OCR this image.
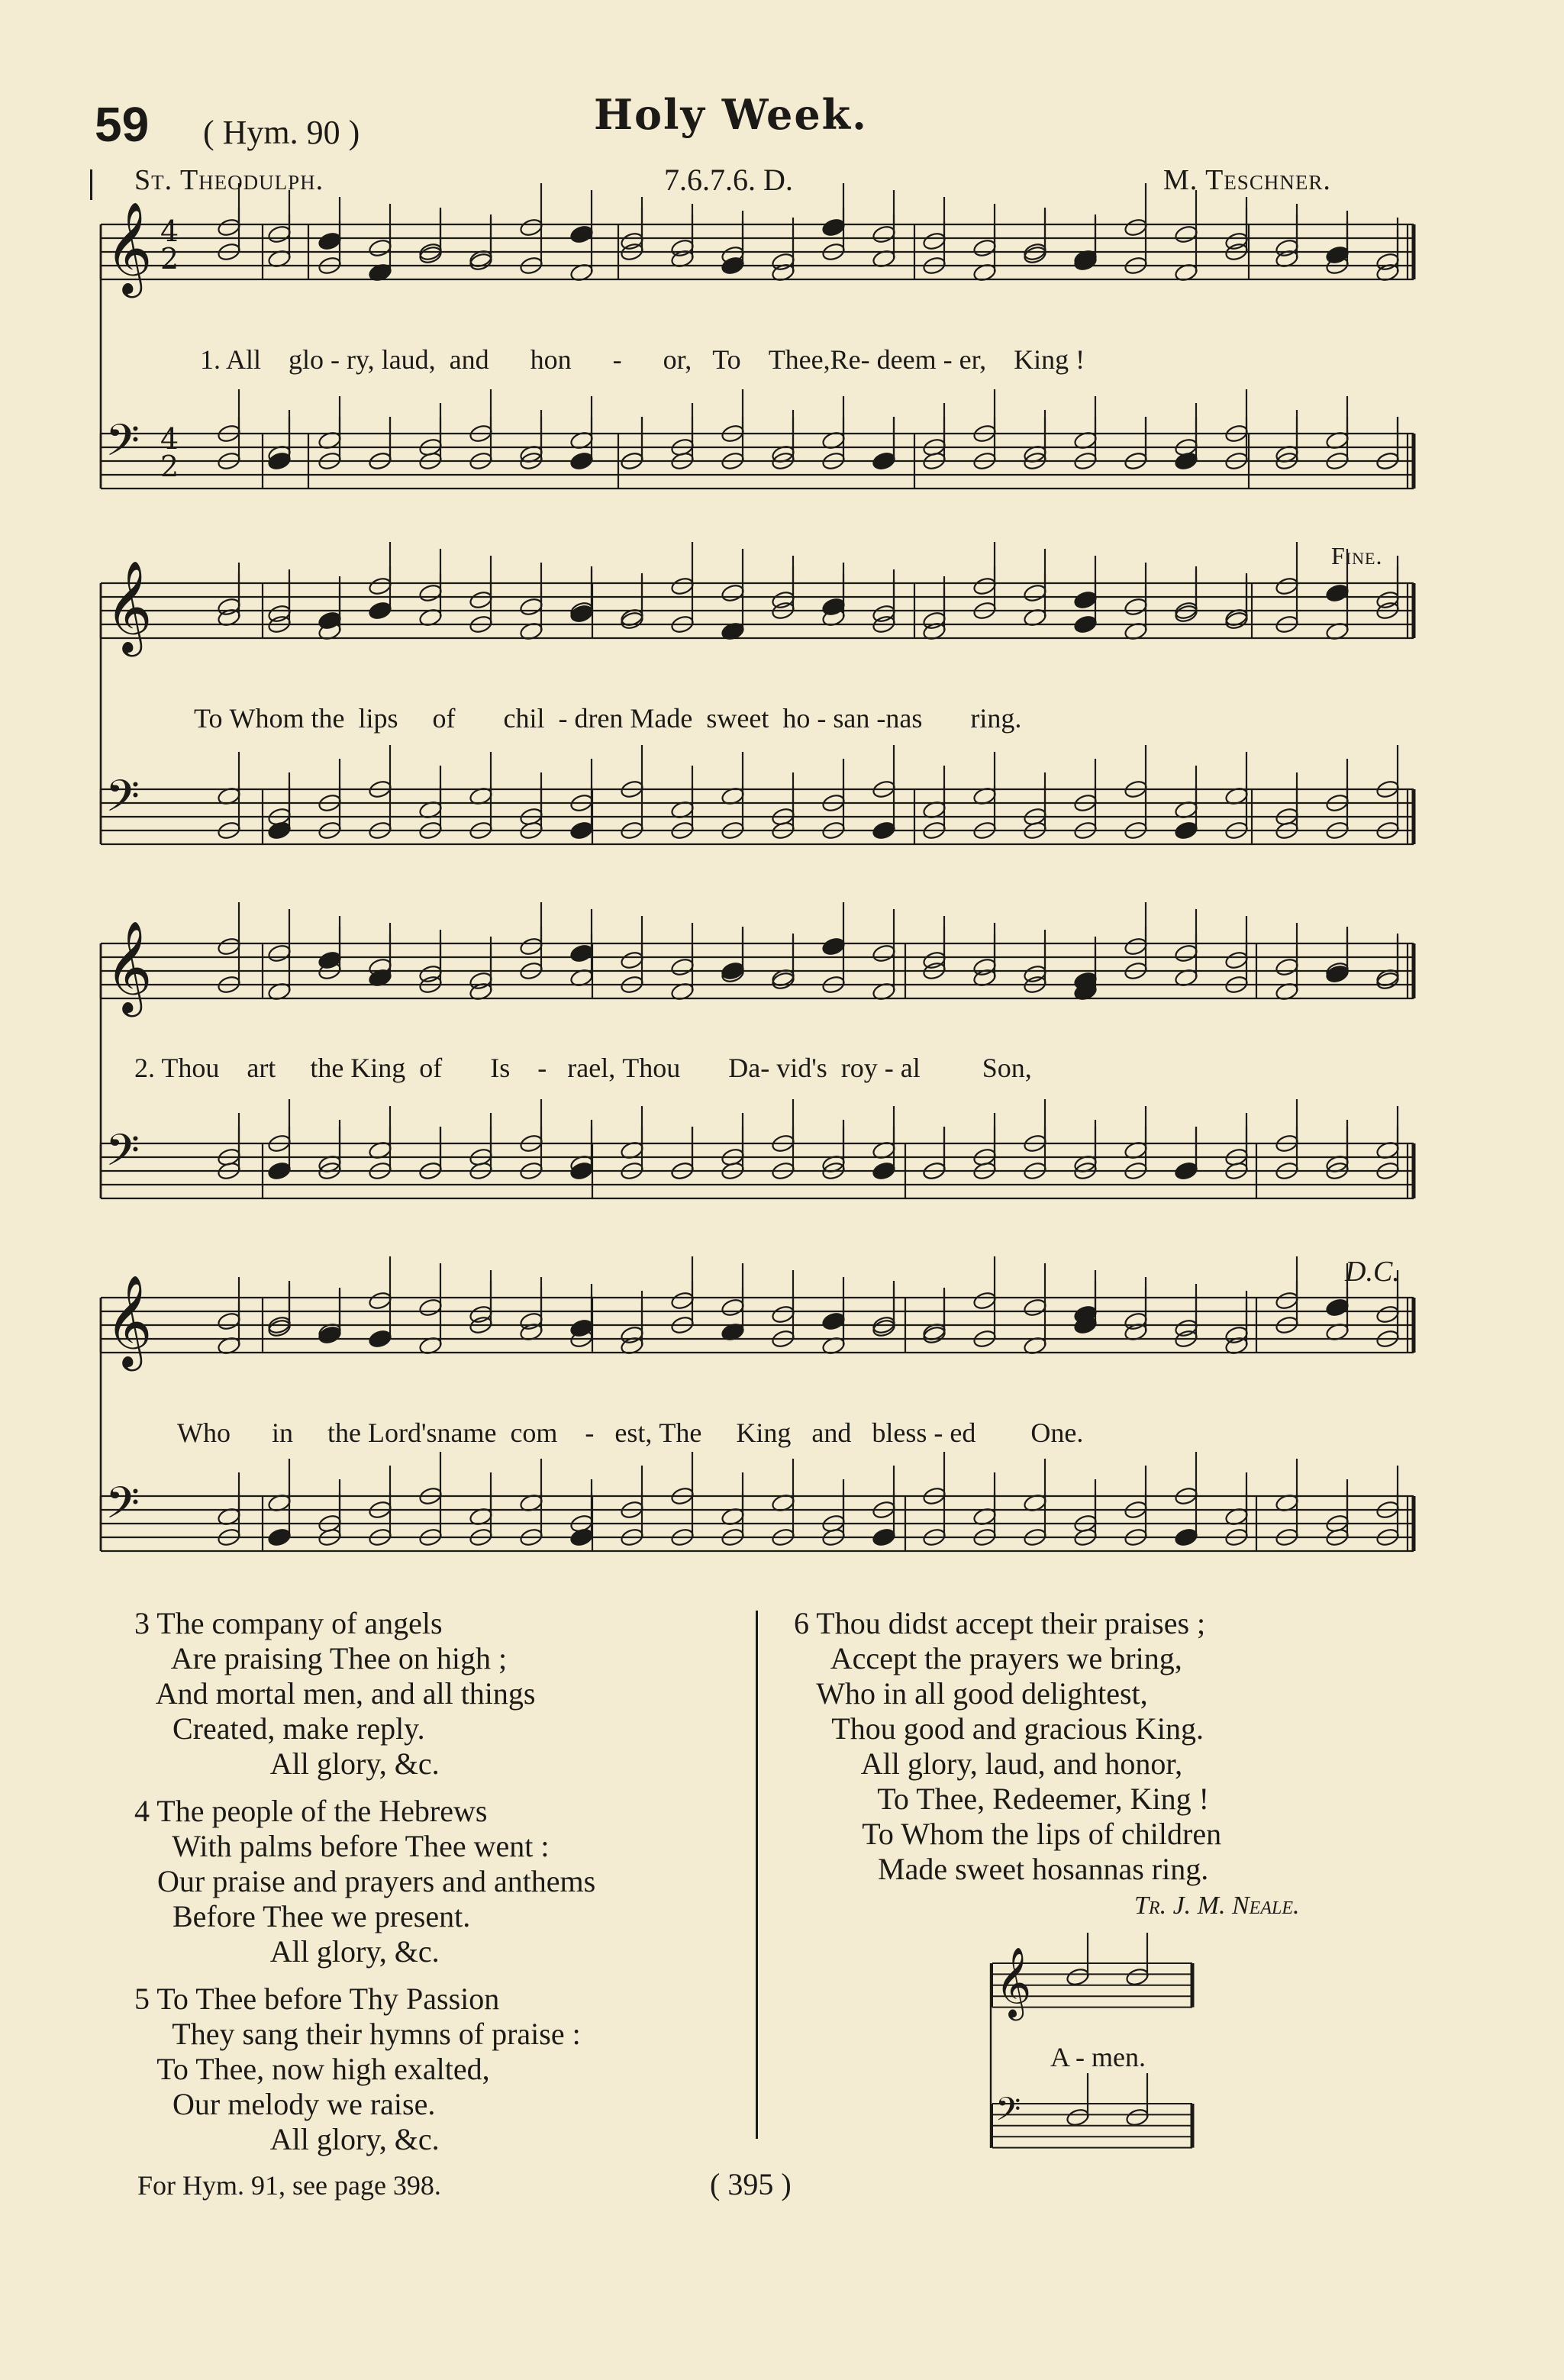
59 ( Hym. 90 )	Holy Week.
St. Theodulph.	7.6.7.6. D.	M. Teschner.
𝄞
𝄢
𝄞
𝄢
𝄞
𝄢
𝄞
𝄢
4
2
4
2
𝄞
𝄢
1. All glo - ry, laud, and hon - or, To Thee,Re- deem - er, King !
To Whom the lips of chil - dren Made sweet ho - san -nas ring.
2. Thou art the King of Is - rael, Thou Da- vid's roy - al Son,
Who in the Lord'sname com - est, The King and bless - ed One.
Fine.
D.C.
3 The company of angels
Are praising Thee on high ;
And mortal men, and all things
Created, make reply.
All glory, &c.
4 The people of the Hebrews
With palms before Thee went :
Our praise and prayers and anthems
Before Thee we present.
All glory, &c.
5 To Thee before Thy Passion
They sang their hymns of praise :
To Thee, now high exalted,
Our melody we raise.
All glory, &c.
6 Thou didst accept their praises ;
Accept the prayers we bring,
Who in all good delightest,
Thou good and gracious King.
All glory, laud, and honor,
To Thee, Redeemer, King !
To Whom the lips of children
Made sweet hosannas ring.
Tr. J. M. Neale.
A - men.
For Hym. 91, see page 398.	( 395 )
